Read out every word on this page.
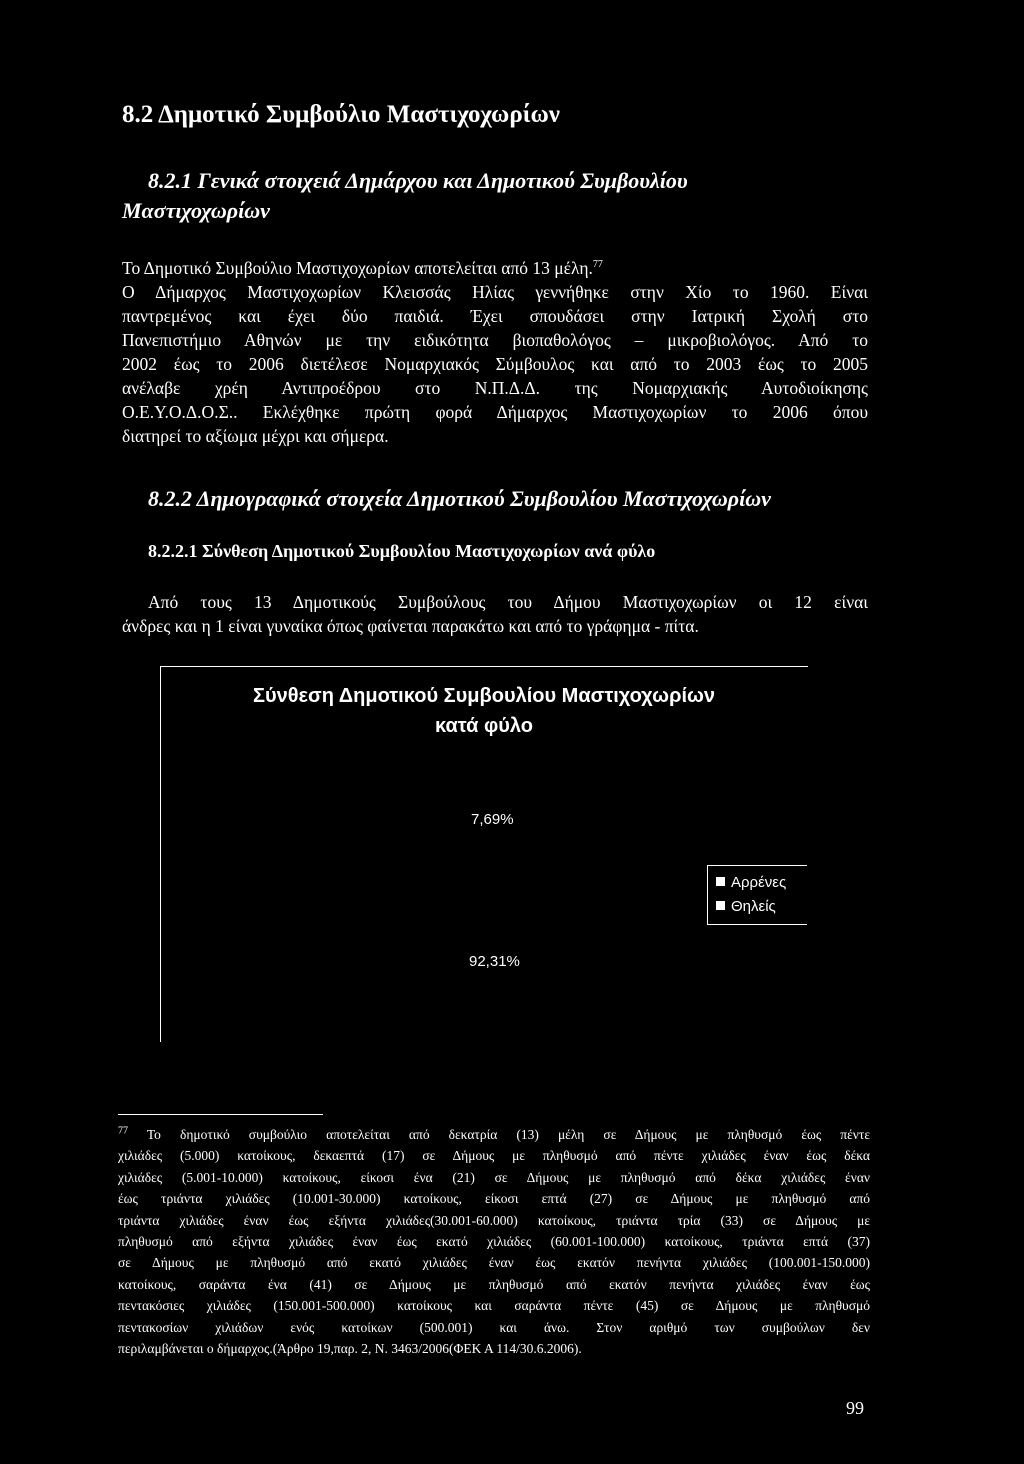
8.2 Δημοτικό Συμβούλιο Μαστιχοχωρίων
8.2.1 Γενικά στοιχειά Δημάρχου και Δημοτικού Συμβουλίου
Μαστιχοχωρίων
Το Δημοτικό Συμβούλιο Μαστιχοχωρίων αποτελείται από 13 μέλη.$^{77}$
Ο Δήμαρχος Μαστιχοχωρίων Κλεισσάς Ηλίας γεννήθηκε στην Χίο το 1960. Είναι
παντρεμένος και έχει δύο παιδιά. Έχει σπουδάσει στην Ιατρική Σχολή στο
Πανεπιστήμιο Αθηνών με την ειδικότητα βιοπαθολόγος – μικροβιολόγος. Από το
2002 έως το 2006 διετέλεσε Νομαρχιακός Σύμβουλος και από το 2003 έως το 2005
ανέλαβε χρέη Αντιπροέδρου στο Ν.Π.Δ.Δ. της Νομαρχιακής Αυτοδιοίκησης
Ο.Ε.Υ.Ο.Δ.Ο.Σ.. Εκλέχθηκε πρώτη φορά Δήμαρχος Μαστιχοχωρίων το 2006 όπου
διατηρεί το αξίωμα μέχρι και σήμερα.
8.2.2 Δημογραφικά στοιχεία Δημοτικού Συμβουλίου Μαστιχοχωρίων
8.2.2.1 Σύνθεση Δημοτικού Συμβουλίου Μαστιχοχωρίων ανά φύλο
Από τους 13 Δημοτικούς Συμβούλους του Δήμου Μαστιχοχωρίων οι 12 είναι
άνδρες και η 1 είναι γυναίκα όπως φαίνεται παρακάτω και από το γράφημα - πίτα.
Σύνθεση Δημοτικού Συμβουλίου Μαστιχοχωρίων
κατά φύλο
7,69%
92,31%
Αρρένες
Θηλείς
$^{77}$ Το δημοτικό συμβούλιο αποτελείται από δεκατρία (13) μέλη σε Δήμους με πληθυσμό έως πέντε
χιλιάδες (5.000) κατοίκους, δεκαεπτά (17) σε Δήμους με πληθυσμό από πέντε χιλιάδες έναν έως δέκα
χιλιάδες (5.001-10.000) κατοίκους, είκοσι ένα (21) σε Δήμους με πληθυσμό από δέκα χιλιάδες έναν
έως τριάντα χιλιάδες (10.001-30.000) κατοίκους, είκοσι επτά (27) σε Δήμους με πληθυσμό από
τριάντα χιλιάδες έναν έως εξήντα χιλιάδες(30.001-60.000) κατοίκους, τριάντα τρία (33) σε Δήμους με
πληθυσμό από εξήντα χιλιάδες έναν έως εκατό χιλιάδες (60.001-100.000) κατοίκους, τριάντα επτά (37)
σε Δήμους με πληθυσμό από εκατό χιλιάδες έναν έως εκατόν πενήντα χιλιάδες (100.001-150.000)
κατοίκους, σαράντα ένα (41) σε Δήμους με πληθυσμό από εκατόν πενήντα χιλιάδες έναν έως
πεντακόσιες χιλιάδες (150.001-500.000) κατοίκους και σαράντα πέντε (45) σε Δήμους με πληθυσμό
πεντακοσίων χιλιάδων ενός κατοίκων (500.001) και άνω. Στον αριθμό των συμβούλων δεν
περιλαμβάνεται ο δήμαρχος.(Άρθρο 19,παρ. 2, Ν. 3463/2006(ΦΕΚ Α 114/30.6.2006).
99
